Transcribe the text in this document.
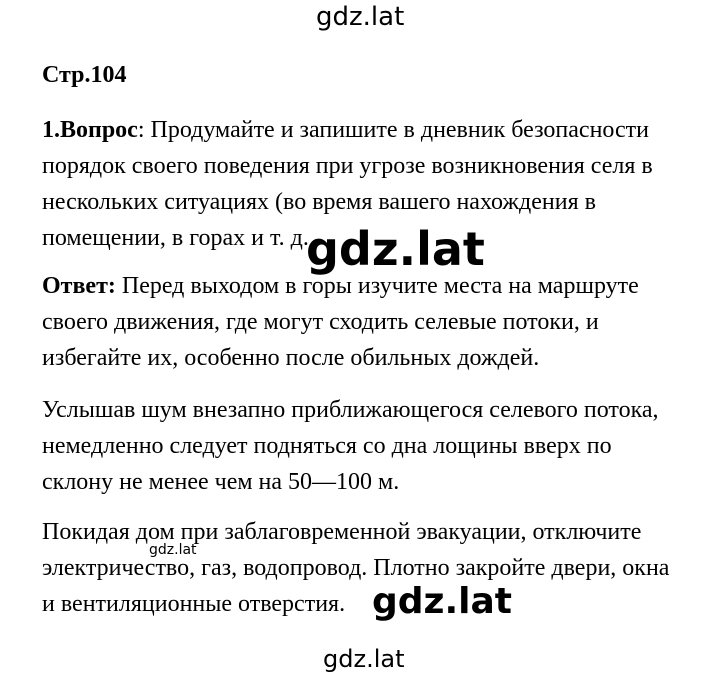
gdz.lat
Стр.104
1.Вопрос: Продумайте и запишите в дневник безопасности
порядок своего поведения при угрозе возникновения селя в
нескольких ситуациях (во время вашего нахождения в
помещении, в горах и т. д.
gdz.lat
Ответ: Перед выходом в горы изучите места на маршруте
своего движения, где могут сходить селевые потоки, и
избегайте их, особенно после обильных дождей.
Услышав шум внезапно приближающегося селевого потока,
немедленно следует подняться со дна лощины вверх по
склону не менее чем на 50—100 м.
Покидая дом при заблаговременной эвакуации, отключите
электричество, газ, водопровод. Плотно закройте двери, окна
и вентиляционные отверстия.
gdz.lat
gdz.lat
gdz.lat
